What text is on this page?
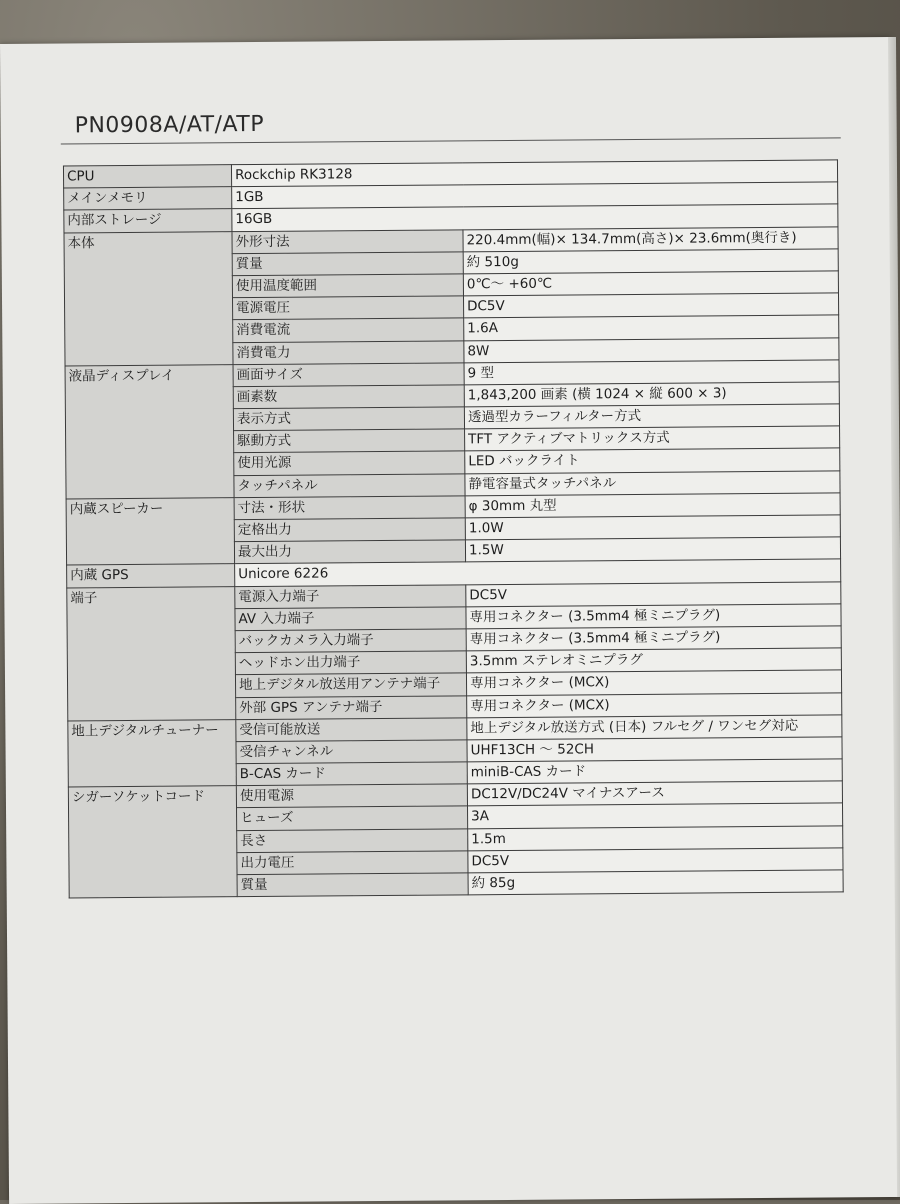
PN0908A/AT/ATP
CPU	Rockchip RK3128	
メインメモリ	1GB	
内部ストレージ	16GB	
本体	外形寸法	220.4mm(幅)× 134.7mm(高さ)× 23.6mm(奥行き)
	質量	約 510g
	使用温度範囲	0℃～ +60℃
	電源電圧	DC5V
	消費電流	1.6A
	消費電力	8W
液晶ディスプレイ	画面サイズ	9 型
	画素数	1,843,200 画素 (横 1024 × 縦 600 × 3)
	表示方式	透過型カラーフィルター方式
	駆動方式	TFT アクティブマトリックス方式
	使用光源	LED バックライト
	タッチパネル	静電容量式タッチパネル
内蔵スピーカー	寸法・形状	φ 30mm 丸型
	定格出力	1.0W
	最大出力	1.5W
内蔵 GPS	Unicore 6226	
端子	電源入力端子	DC5V
	AV 入力端子	専用コネクター (3.5mm4 極ミニプラグ)
	バックカメラ入力端子	専用コネクター (3.5mm4 極ミニプラグ)
	ヘッドホン出力端子	3.5mm ステレオミニプラグ
	地上デジタル放送用アンテナ端子	専用コネクター (MCX)
	外部 GPS アンテナ端子	専用コネクター (MCX)
地上デジタルチューナー	受信可能放送	地上デジタル放送方式 (日本) フルセグ / ワンセグ対応
	受信チャンネル	UHF13CH ～ 52CH
	B-CAS カード	miniB-CAS カード
シガーソケットコード	使用電源	DC12V/DC24V マイナスアース
	ヒューズ	3A
	長さ	1.5m
	出力電圧	DC5V
	質量	約 85g
